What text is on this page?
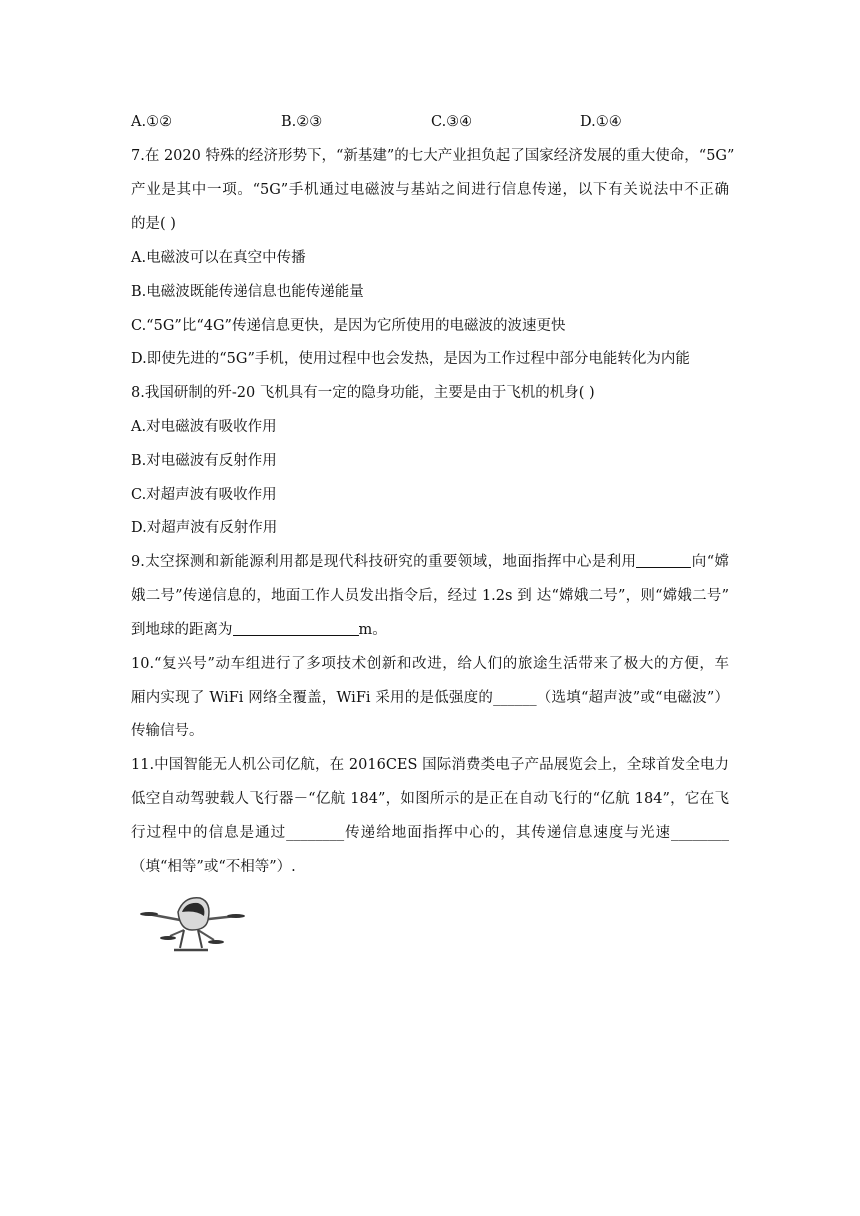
A.①②	B.②③	C.③④	D.①④
7.在 2020 特殊的经济形势下，“新基建”的七大产业担负起了国家经济发展的重大使命，“5G”
产业是其中一项。“5G”手机通过电磁波与基站之间进行信息传递，以下有关说法中不正确
的是( )
A.电磁波可以在真空中传播
B.电磁波既能传递信息也能传递能量
C.“5G”比“4G”传递信息更快，是因为它所使用的电磁波的波速更快
D.即使先进的“5G”手机，使用过程中也会发热，是因为工作过程中部分电能转化为内能
8.我国研制的歼-20 飞机具有一定的隐身功能，主要是由于飞机的机身( )
A.对电磁波有吸收作用
B.对电磁波有反射作用
C.对超声波有吸收作用
D.对超声波有反射作用
9.太空探测和新能源利用都是现代科技研究的重要领域，地面指挥中心是利用	向“嫦
娥二号”传递信息的，地面工作人员发出指令后，经过 1.2s 到 达“嫦娥二号”，则“嫦娥二号”
到地球的距离为	m。
10.“复兴号”动车组进行了多项技术创新和改进，给人们的旅途生活带来了极大的方便，车
厢内实现了 WiFi 网络全覆盖，WiFi 采用的是低强度的______（选填“超声波”或“电磁波”）
传输信号。
11.中国智能无人机公司亿航，在 2016CES 国际消费类电子产品展览会上，全球首发全电力
低空自动驾驶载人飞行器－“亿航 184”，如图所示的是正在自动飞行的“亿航 184”，它在飞
行过程中的信息是通过________传递给地面指挥中心的，其传递信息速度与光速________
（填“相等”或“不相等”）.
